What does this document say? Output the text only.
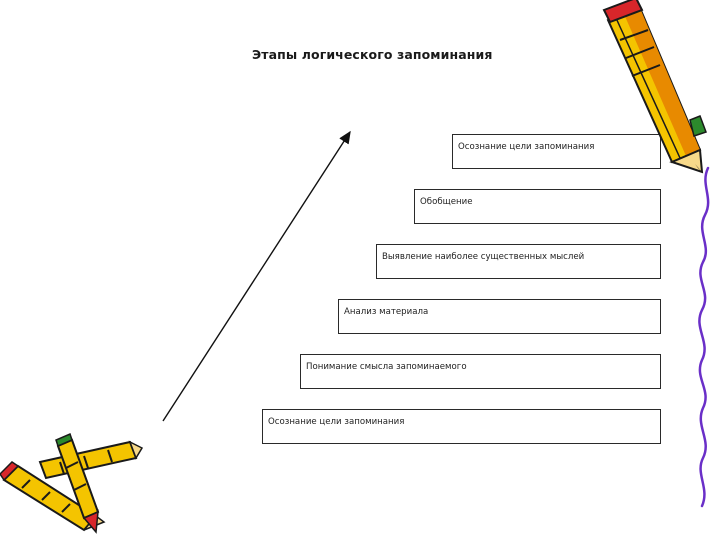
Этапы логического запоминания
Осознание цели запоминания
Обобщение
Выявление наиболее существенных мыслей
Анализ материала
Понимание смысла запоминаемого
Осознание цели запоминания
